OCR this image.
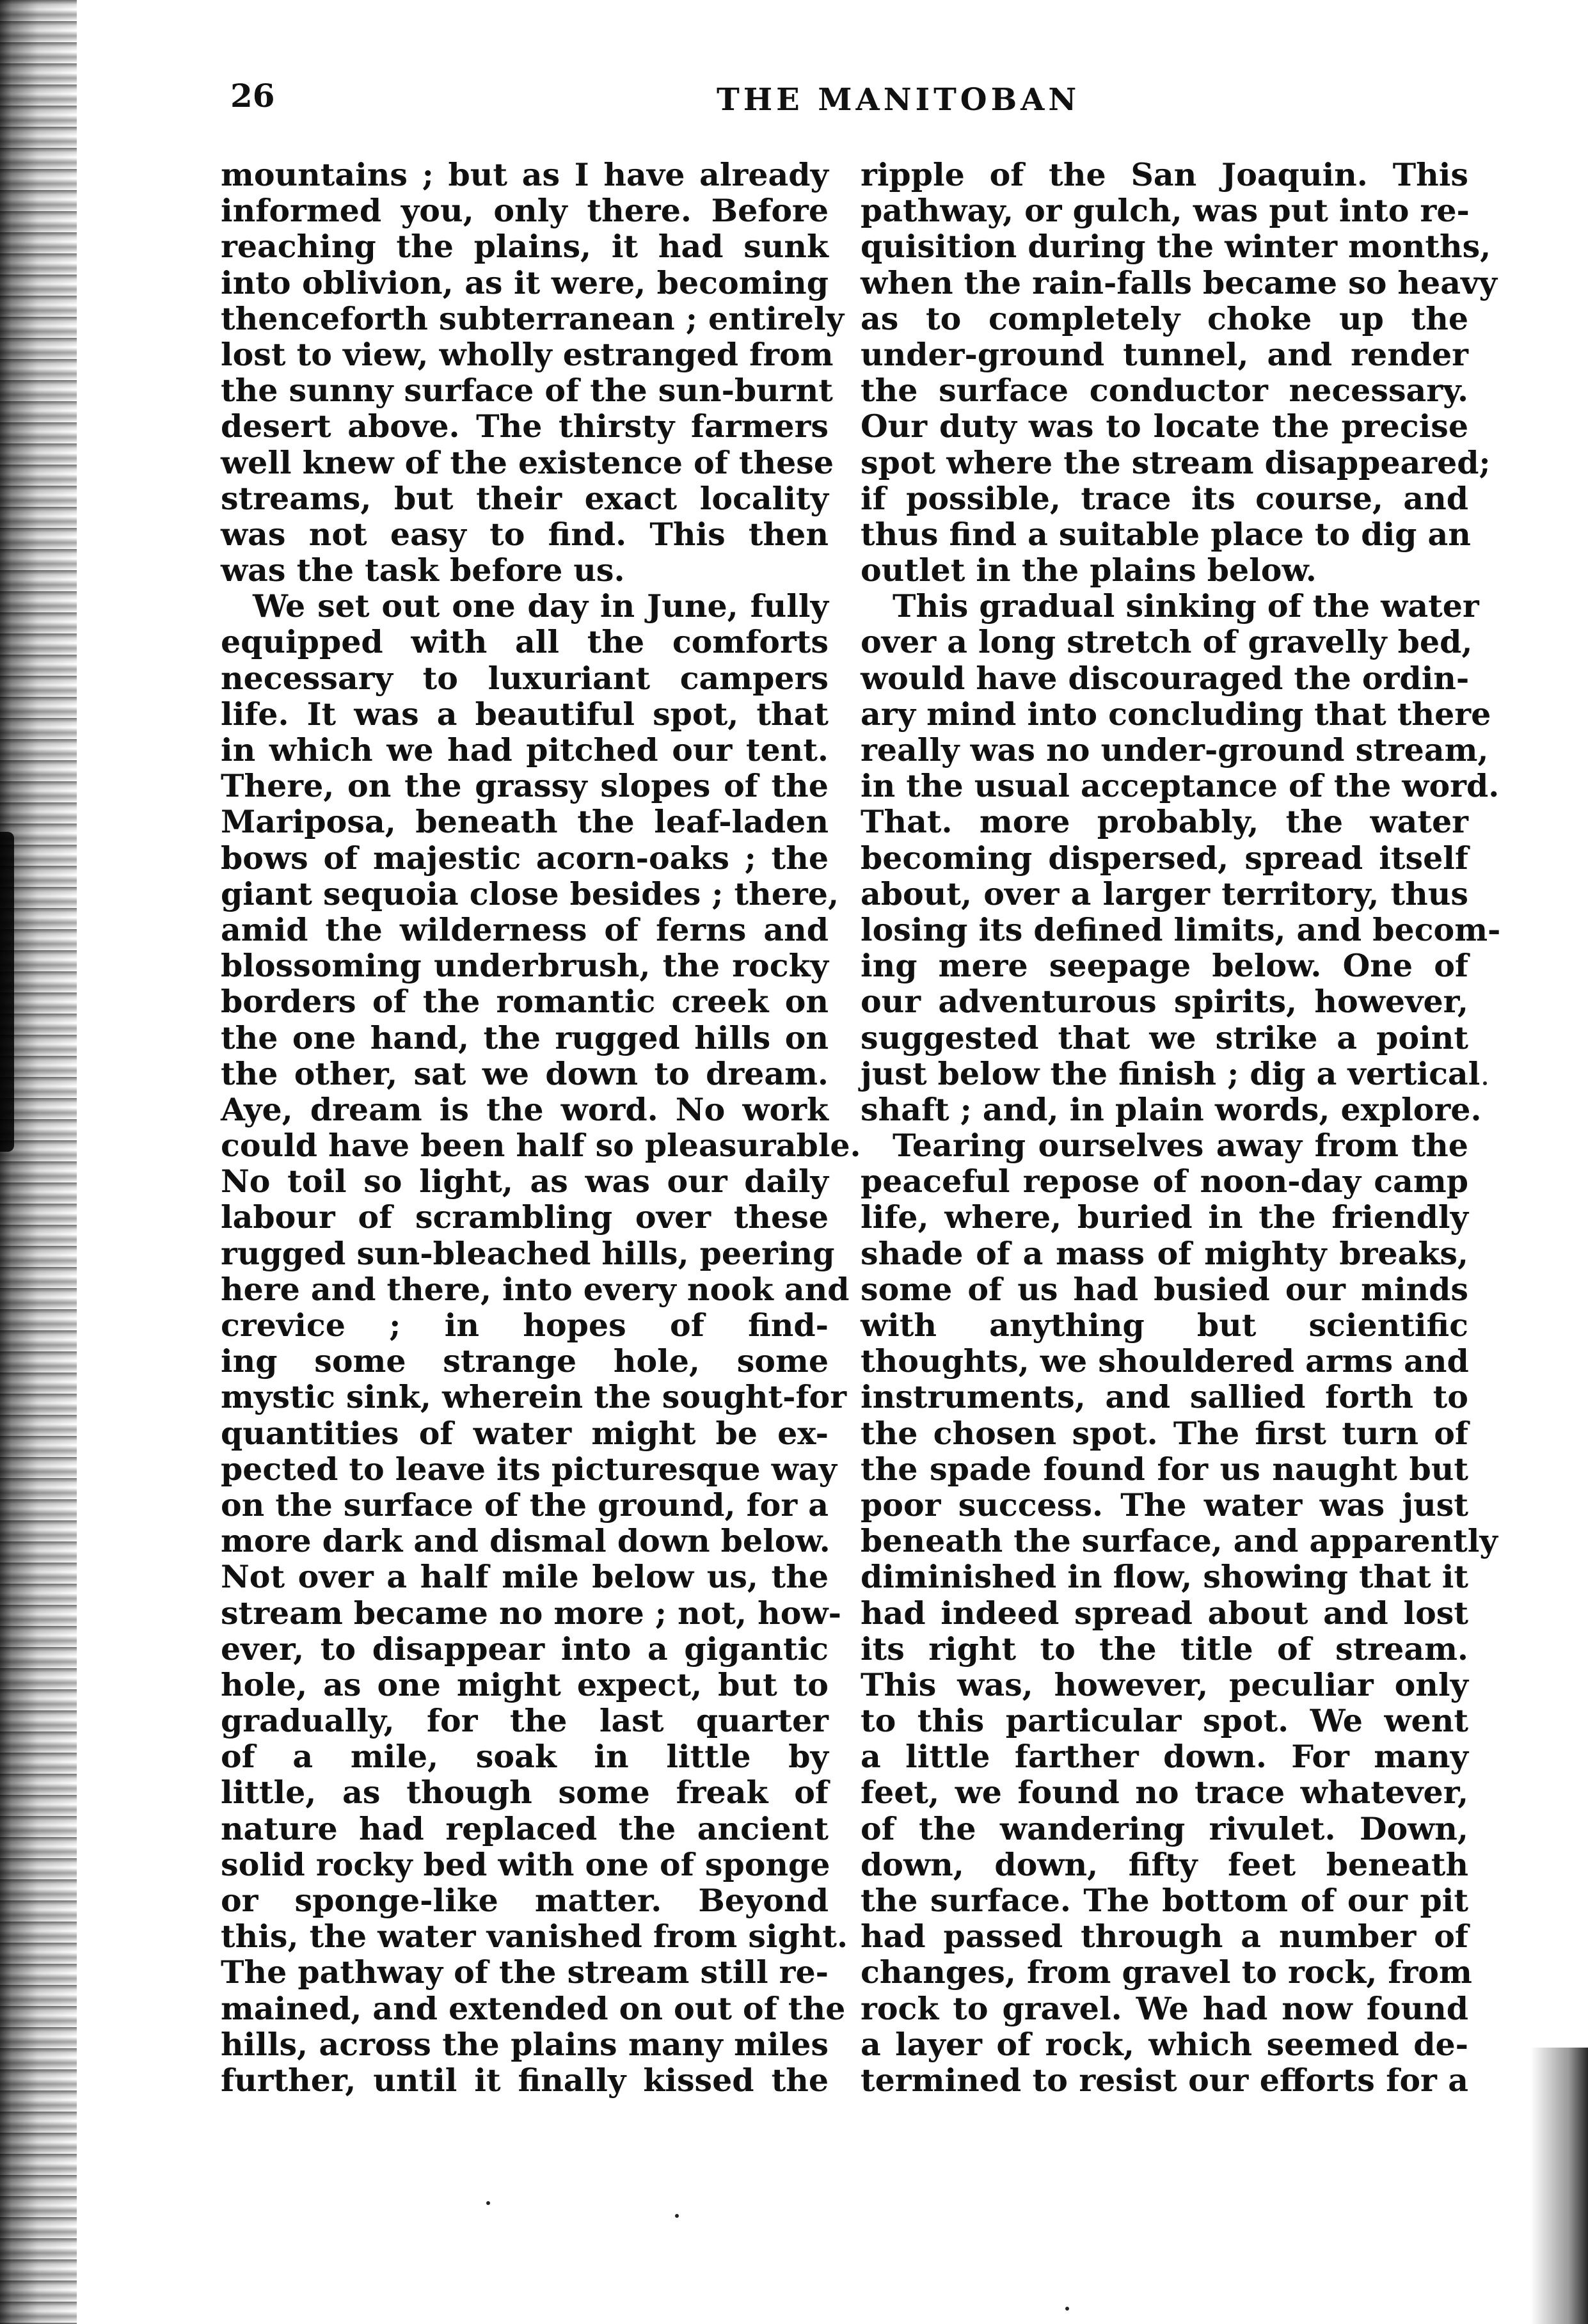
26	THE MANITOBAN
mountains ; but as I have already
informed you, only there. Before
reaching the plains, it had sunk
into oblivion, as it were, becoming
thenceforth subterranean ; entirely
lost to view, wholly estranged from
the sunny surface of the sun-burnt
desert above. The thirsty farmers
well knew of the existence of these
streams, but their exact locality
was not easy to find. This then
was the task before us.
We set out one day in June, fully
equipped with all the comforts
necessary to luxuriant campers
life. It was a beautiful spot, that
in which we had pitched our tent.
There, on the grassy slopes of the
Mariposa, beneath the leaf-laden
bows of majestic acorn-oaks ; the
giant sequoia close besides ; there,
amid the wilderness of ferns and
blossoming underbrush, the rocky
borders of the romantic creek on
the one hand, the rugged hills on
the other, sat we down to dream.
Aye, dream is the word. No work
could have been half so pleasurable.
No toil so light, as was our daily
labour of scrambling over these
rugged sun-bleached hills, peering
here and there, into every nook and
crevice ; in hopes of find-
ing some strange hole, some
mystic sink, wherein the sought-for
quantities of water might be ex-
pected to leave its picturesque way
on the surface of the ground, for a
more dark and dismal down below.
Not over a half mile below us, the
stream became no more ; not, how-
ever, to disappear into a gigantic
hole, as one might expect, but to
gradually, for the last quarter
of a mile, soak in little by
little, as though some freak of
nature had replaced the ancient
solid rocky bed with one of sponge
or sponge-like matter. Beyond
this, the water vanished from sight.
The pathway of the stream still re-
mained, and extended on out of the
hills, across the plains many miles
further, until it finally kissed the
ripple of the San Joaquin. This
pathway, or gulch, was put into re-
quisition during the winter months,
when the rain-falls became so heavy
as to completely choke up the
under-ground tunnel, and render
the surface conductor necessary.
Our duty was to locate the precise
spot where the stream disappeared;
if possible, trace its course, and
thus find a suitable place to dig an
outlet in the plains below.
This gradual sinking of the water
over a long stretch of gravelly bed,
would have discouraged the ordin-
ary mind into concluding that there
really was no under-ground stream,
in the usual acceptance of the word.
That. more probably, the water
becoming dispersed, spread itself
about, over a larger territory, thus
losing its defined limits, and becom-
ing mere seepage below. One of
our adventurous spirits, however,
suggested that we strike a point
just below the finish ; dig a vertical
shaft ; and, in plain words, explore.
Tearing ourselves away from the
peaceful repose of noon-day camp
life, where, buried in the friendly
shade of a mass of mighty breaks,
some of us had busied our minds
with anything but scientific
thoughts, we shouldered arms and
instruments, and sallied forth to
the chosen spot. The first turn of
the spade found for us naught but
poor success. The water was just
beneath the surface, and apparently
diminished in flow, showing that it
had indeed spread about and lost
its right to the title of stream.
This was, however, peculiar only
to this particular spot. We went
a little farther down. For many
feet, we found no trace whatever,
of the wandering rivulet. Down,
down, down, fifty feet beneath
the surface. The bottom of our pit
had passed through a number of
changes, from gravel to rock, from
rock to gravel. We had now found
a layer of rock, which seemed de-
termined to resist our efforts for a
